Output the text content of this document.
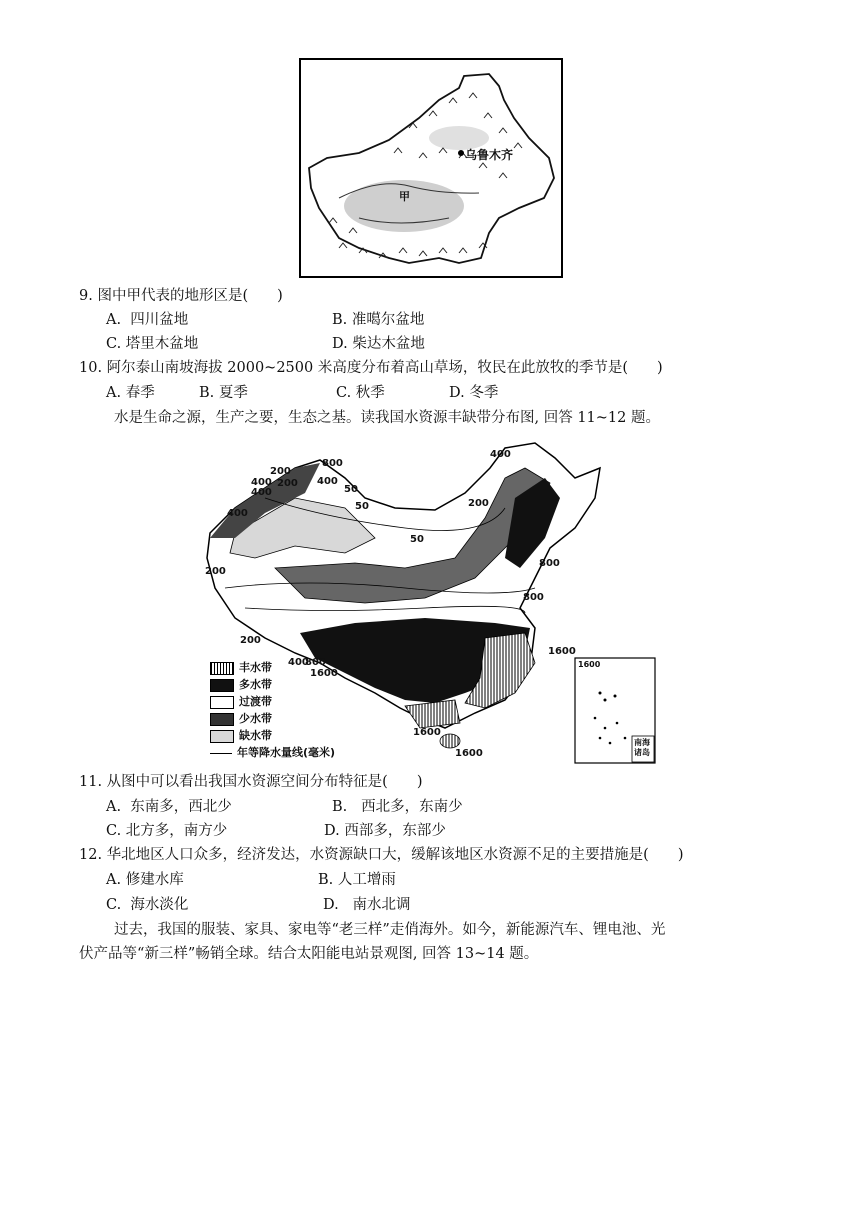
乌鲁木齐
甲
9. 图中甲代表的地形区是(　　)
A.  四川盆地	B. 准噶尔盆地
C. 塔里木盆地	D. 柴达木盆地
10. 阿尔泰山南坡海拔 2000~2500 米高度分布着高山草场，牧民在此放牧的季节是(　　)
A. 春季	B. 夏季	C. 秋季	D. 冬季
水是生命之源，生产之要，生态之基。读我国水资源丰缺带分布图, 回答 11~12 题。
南海诸岛
200
800
400 200 400
400	50
400
50
200
50
400
200
800
800
200
1600
400
800
1600
1600
1600
1600
丰水带
多水带
过渡带
少水带
缺水带
年等降水量线(毫米)
11. 从图中可以看出我国水资源空间分布特征是(　　)
A.  东南多，西北少	B.   西北多，东南少
C. 北方多，南方少	D. 西部多，东部少
12. 华北地区人口众多，经济发达，水资源缺口大，缓解该地区水资源不足的主要措施是(　　)
A. 修建水库	B. 人工增雨
C.  海水淡化	D.   南水北调
过去，我国的服装、家具、家电等“老三样”走俏海外。如今，新能源汽车、锂电池、光
伏产品等“新三样”畅销全球。结合太阳能电站景观图, 回答 13~14 题。
